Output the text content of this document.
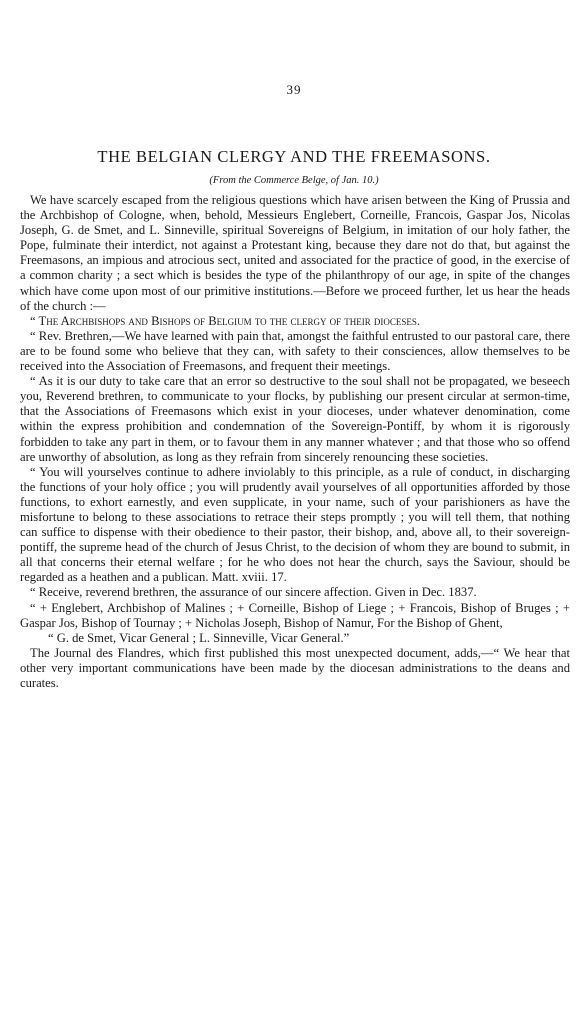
39
THE BELGIAN CLERGY AND THE FREEMASONS.
(From the Commerce Belge, of Jan. 10.)

We have scarcely escaped from the religious questions which have arisen between the King of Prussia and the Archbishop of Cologne, when, behold, Messieurs Englebert, Corneille, Francois, Gaspar Jos, Nicolas Joseph, G. de Smet, and L. Sinneville, spiritual Sovereigns of Belgium, in imitation of our holy father, the Pope, fulminate their interdict, not against a Protestant king, because they dare not do that, but against the Freemasons, an impious and atrocious sect, united and associated for the practice of good, in the exercise of a common charity ; a sect which is besides the type of the philanthropy of our age, in spite of the changes which have come upon most of our primitive institutions.—Before we proceed further, let us hear the heads of the church :—

“ The Archbishops and Bishops of Belgium to the clergy of their dioceses.

“ Rev. Brethren,—We have learned with pain that, amongst the faithful entrusted to our pastoral care, there are to be found some who believe that they can, with safety to their consciences, allow themselves to be received into the Association of Freemasons, and frequent their meetings.

“ As it is our duty to take care that an error so destructive to the soul shall not be propagated, we beseech you, Reverend brethren, to communicate to your flocks, by publishing our present circular at sermon-time, that the Associations of Freemasons which exist in your dioceses, under whatever denomination, come within the express prohibition and condemnation of the Sovereign-Pontiff, by whom it is rigorously forbidden to take any part in them, or to favour them in any manner whatever ; and that those who so offend are unworthy of absolution, as long as they refrain from sincerely renouncing these societies.

“ You will yourselves continue to adhere inviolably to this principle, as a rule of conduct, in discharging the functions of your holy office ; you will prudently avail yourselves of all opportunities afforded by those functions, to exhort earnestly, and even supplicate, in your name, such of your parishioners as have the misfortune to belong to these associations to retrace their steps promptly ; you will tell them, that nothing can suffice to dispense with their obedience to their pastor, their bishop, and, above all, to their sovereign-pontiff, the supreme head of the church of Jesus Christ, to the decision of whom they are bound to submit, in all that concerns their eternal welfare ; for he who does not hear the church, says the Saviour, should be regarded as a heathen and a publican. Matt. xviii. 17.

“ Receive, reverend brethren, the assurance of our sincere affection. Given in Dec. 1837.

“ + Englebert, Archbishop of Malines ; + Corneille, Bishop of Liege ; + Francois, Bishop of Bruges ; + Gaspar Jos, Bishop of Tournay ; + Nicholas Joseph, Bishop of Namur, For the Bishop of Ghent,

“ G. de Smet, Vicar General ; L. Sinneville, Vicar General.”

The Journal des Flandres, which first published this most unexpected document, adds,—“ We hear that other very important communications have been made by the diocesan administrations to the deans and curates.
